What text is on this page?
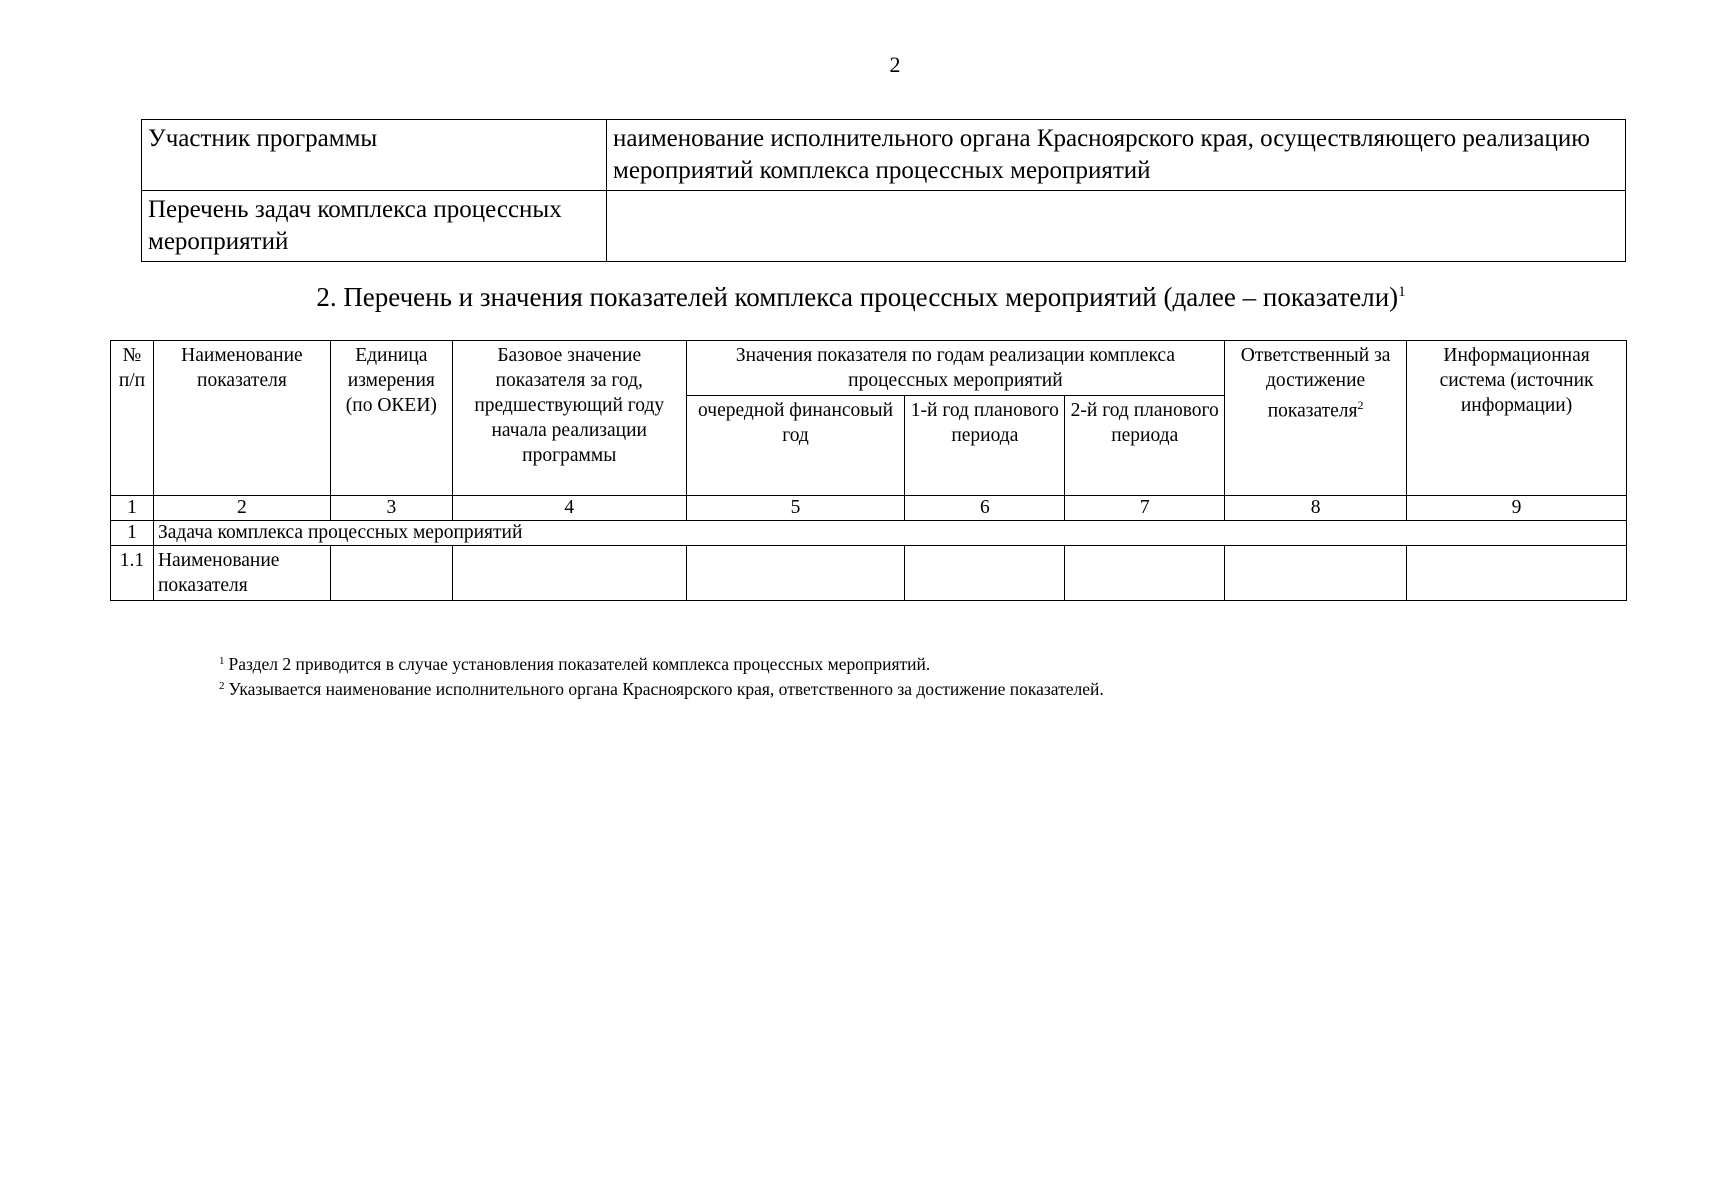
2
Участник программы	наименование исполнительного органа Красноярского края, осуществляющего реализацию мероприятий комплекса процессных мероприятий
Перечень задач комплекса процессных мероприятий	
2. Перечень и значения показателей комплекса процессных мероприятий (далее – показатели)$^1$
№ п/п	Наименование показателя	Единица измерения (по ОКЕИ)	Базовое значение показателя за год, предшествующий году начала реализации программы	Значения показателя по годам реализации комплекса процессных мероприятий			Ответственный за достижение показателя$^2$	Информационная система (источник информации)
				очередной финансовый год	1-й год планового периода	2-й год планового периода		
1	2	3	4	5	6	7	8	9
1	Задача комплекса процессных мероприятий							
1.1	Наименование показателя							
$^1$ Раздел 2 приводится в случае установления показателей комплекса процессных мероприятий.
$^2$ Указывается наименование исполнительного органа Красноярского края, ответственного за достижение показателей.
